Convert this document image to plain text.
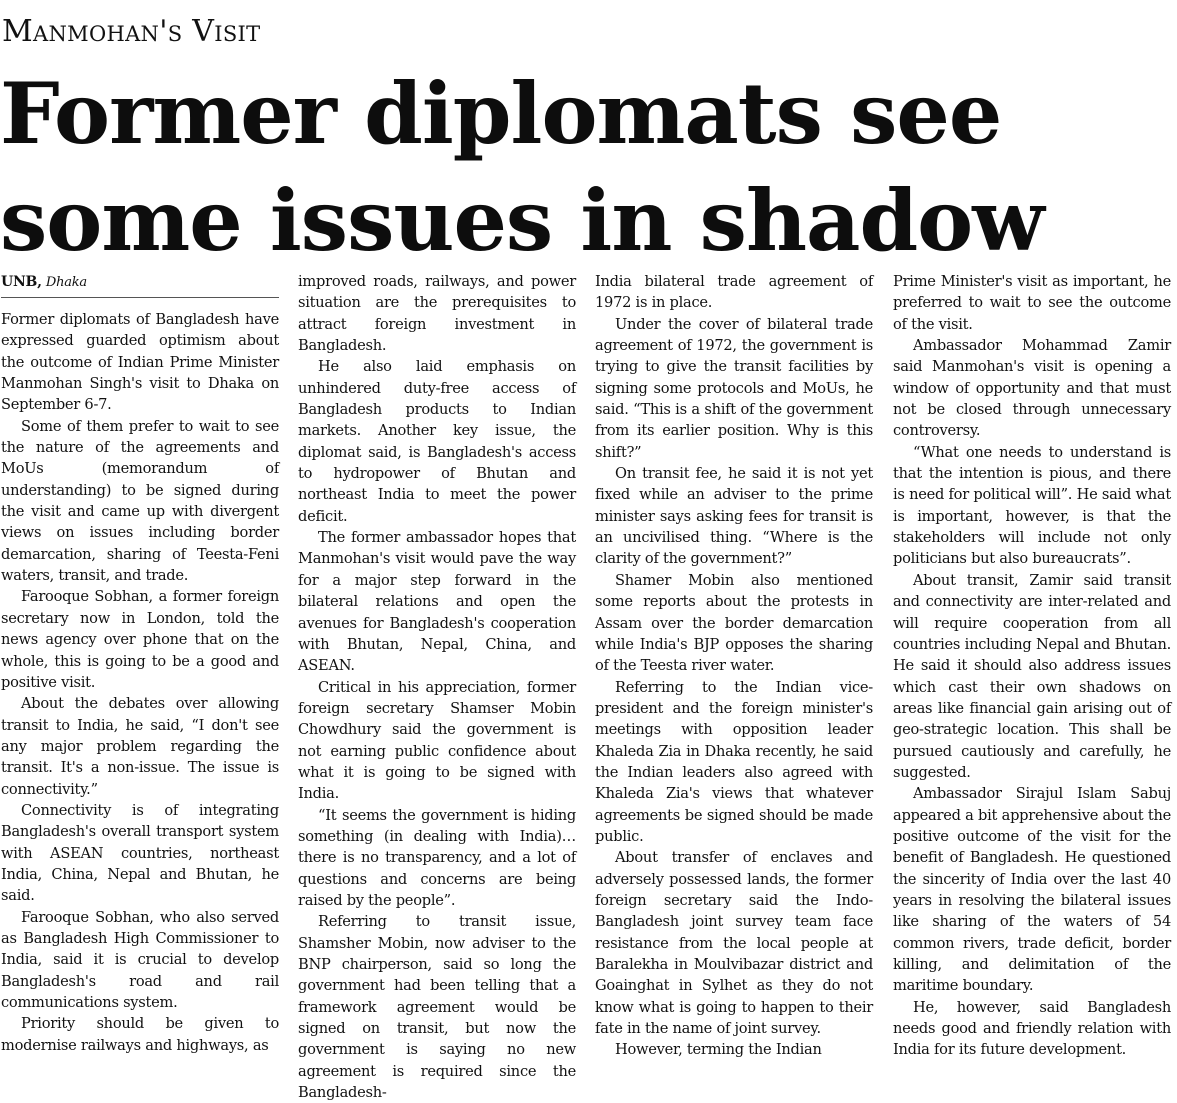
Manmohan's Visit
Former diplomats see some issues in shadow
UNB, Dhaka

Former diplomats of Bangladesh have expressed guarded optimism about the outcome of Indian Prime Minister Manmohan Singh's visit to Dhaka on September 6-7.

Some of them prefer to wait to see the nature of the agreements and MoUs (memorandum of understanding) to be signed during the visit and came up with divergent views on issues including border demarcation, sharing of Teesta-Feni waters, transit, and trade.

Farooque Sobhan, a former foreign secretary now in London, told the news agency over phone that on the whole, this is going to be a good and positive visit.

About the debates over allowing transit to India, he said, “I don't see any major problem regarding the transit. It's a non-issue. The issue is connectivity.”

Connectivity is of integrating Bangladesh's overall transport system with ASEAN countries, northeast India, China, Nepal and Bhutan, he said.

Farooque Sobhan, who also served as Bangladesh High Commissioner to India, said it is crucial to develop Bangladesh's road and rail communications system.

Priority should be given to modernise railways and highways, as

improved roads, railways, and power situation are the prerequisites to attract foreign investment in Bangladesh.

He also laid emphasis on unhindered duty-free access of Bangladesh products to Indian markets. Another key issue, the diplomat said, is Bangladesh's access to hydropower of Bhutan and northeast India to meet the power deficit.

The former ambassador hopes that Manmohan's visit would pave the way for a major step forward in the bilateral relations and open the avenues for Bangladesh's cooperation with Bhutan, Nepal, China, and ASEAN.

Critical in his appreciation, former foreign secretary Shamser Mobin Chowdhury said the government is not earning public confidence about what it is going to be signed with India.

“It seems the government is hiding something (in dealing with India)…there is no transparency, and a lot of questions and concerns are being raised by the people”.

Referring to transit issue, Shamsher Mobin, now adviser to the BNP chairperson, said so long the government had been telling that a framework agreement would be signed on transit, but now the government is saying no new agreement is required since the Bangladesh-

India bilateral trade agreement of 1972 is in place.

Under the cover of bilateral trade agreement of 1972, the government is trying to give the transit facilities by signing some protocols and MoUs, he said. “This is a shift of the government from its earlier position. Why is this shift?”

On transit fee, he said it is not yet fixed while an adviser to the prime minister says asking fees for transit is an uncivilised thing. “Where is the clarity of the government?”

Shamer Mobin also mentioned some reports about the protests in Assam over the border demarcation while India's BJP opposes the sharing of the Teesta river water.

Referring to the Indian vice-president and the foreign minister's meetings with opposition leader Khaleda Zia in Dhaka recently, he said the Indian leaders also agreed with Khaleda Zia's views that whatever agreements be signed should be made public.

About transfer of enclaves and adversely possessed lands, the former foreign secretary said the Indo-Bangladesh joint survey team face resistance from the local people at Baralekha in Moulvibazar district and Goainghat in Sylhet as they do not know what is going to happen to their fate in the name of joint survey.

However, terming the Indian

Prime Minister's visit as important, he preferred to wait to see the outcome of the visit.

Ambassador Mohammad Zamir said Manmohan's visit is opening a window of opportunity and that must not be closed through unnecessary controversy.

“What one needs to understand is that the intention is pious, and there is need for political will”. He said what is important, however, is that the stakeholders will include not only politicians but also bureaucrats”.

About transit, Zamir said transit and connectivity are inter-related and will require cooperation from all countries including Nepal and Bhutan. He said it should also address issues which cast their own shadows on areas like financial gain arising out of geo-strategic location. This shall be pursued cautiously and carefully, he suggested.

Ambassador Sirajul Islam Sabuj appeared a bit apprehensive about the positive outcome of the visit for the benefit of Bangladesh. He questioned the sincerity of India over the last 40 years in resolving the bilateral issues like sharing of the waters of 54 common rivers, trade deficit, border killing, and delimitation of the maritime boundary.

He, however, said Bangladesh needs good and friendly relation with India for its future development.
